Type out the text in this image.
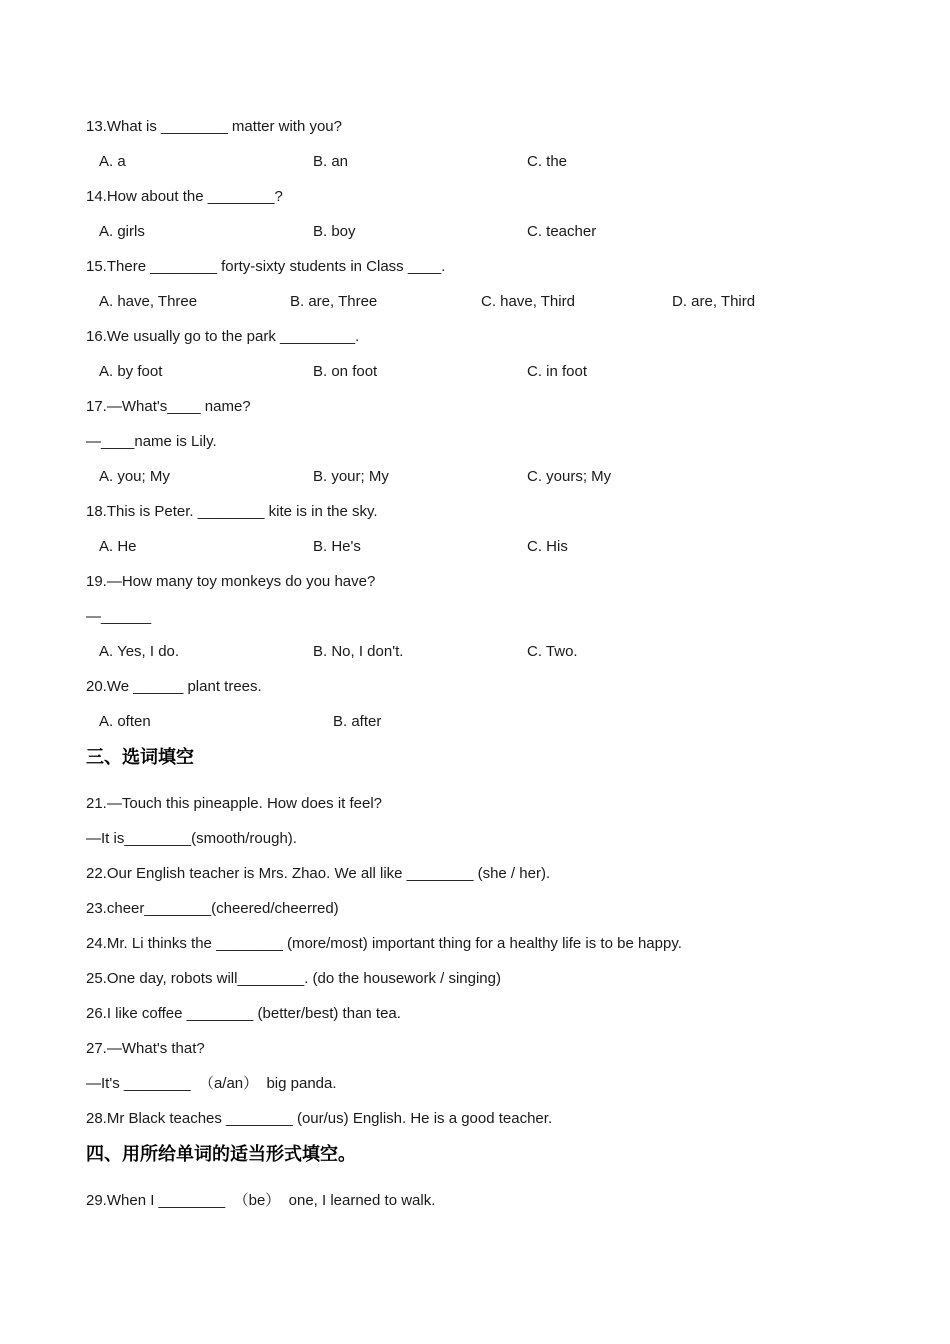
13.What is ________ matter with you?

A. a	B. an	C. the

14.How about the ________?

A. girls	B. boy	C. teacher

15.There ________ forty-sixty students in Class ____.

A. have, Three	B. are, Three	C. have, Third	D. are, Third

16.We usually go to the park _________.

A. by foot	B. on foot	C. in foot

17.—What's____ name?

—____name is Lily.

A. you; My	B. your; My	C. yours; My

18.This is Peter. ________ kite is in the sky.

A. He	B. He's	C. His

19.—How many toy monkeys do you have?

—______

A. Yes, I do.	B. No, I don't.	C. Two.

20.We ______ plant trees.

A. often	B. after

三、选词填空

21.—Touch this pineapple. How does it feel?

—It is________(smooth/rough).

22.Our English teacher is Mrs. Zhao. We all like ________ (she / her).

23.cheer________(cheered/cheerred)

24.Mr. Li thinks the ________ (more/most) important thing for a healthy life is to be happy.

25.One day, robots will________. (do the housework / singing)

26.I like coffee ________ (better/best) than tea.

27.—What's that?

—It's ________  （a/an）  big panda.

28.Mr Black teaches ________ (our/us) English. He is a good teacher.

四、用所给单词的适当形式填空。

29.When I ________  （be）  one, I learned to walk.
